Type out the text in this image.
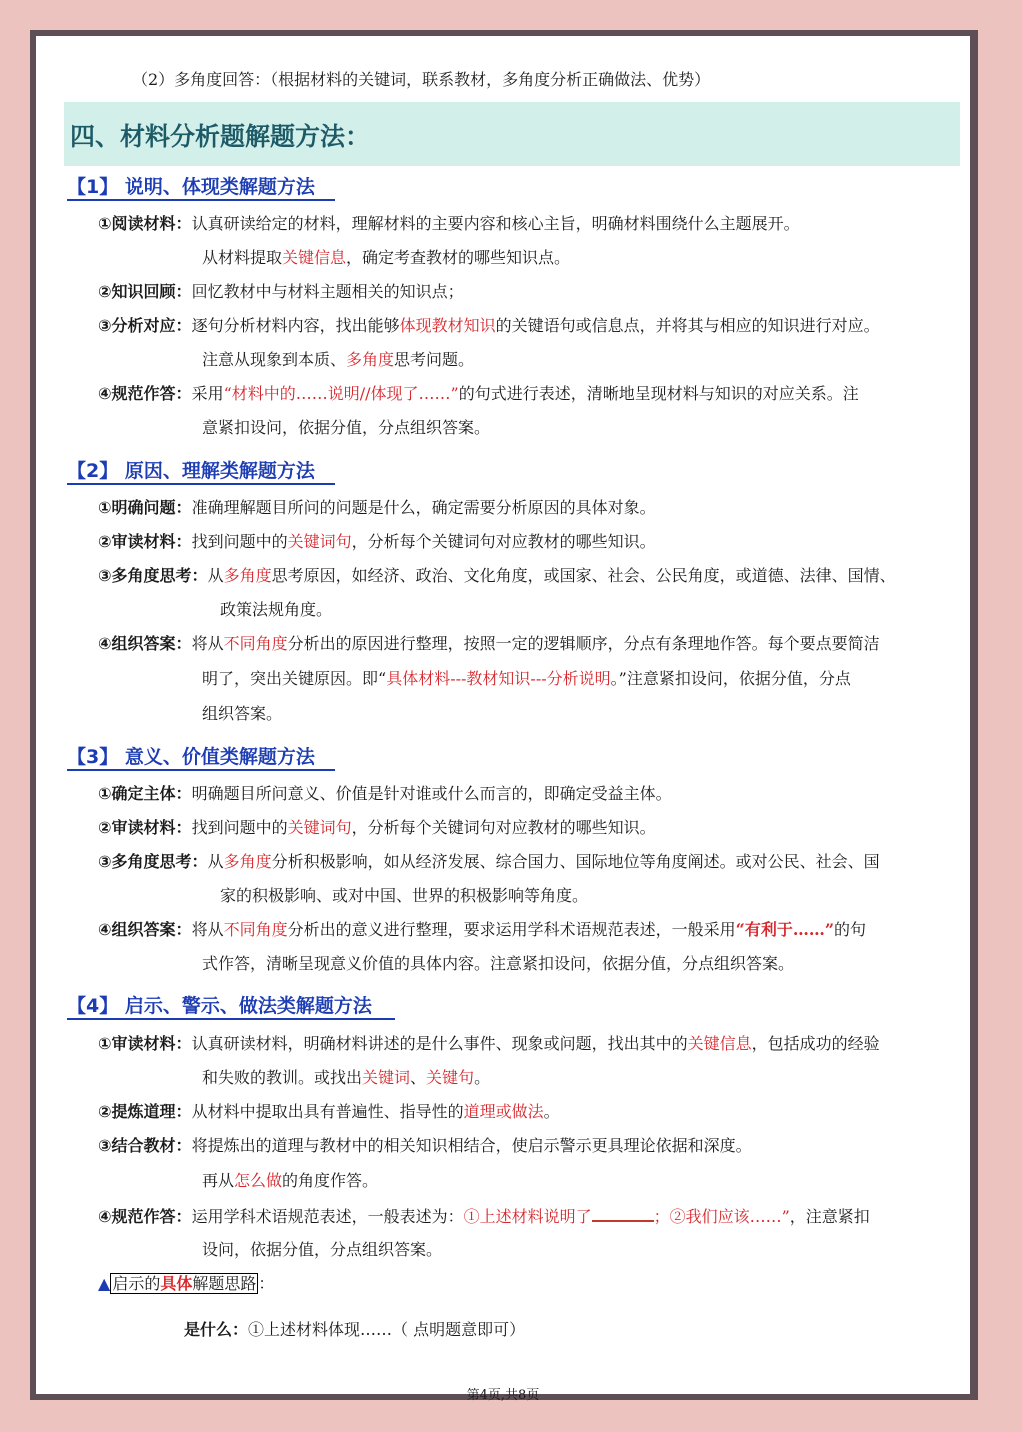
（2）多角度回答：（根据材料的关键词，联系教材，多角度分析正确做法、优势）
四、材料分析题解题方法：
【1】 说明、体现类解题方法
①阅读材料：认真研读给定的材料，理解材料的主要内容和核心主旨，明确材料围绕什么主题展开。
从材料提取关键信息，确定考查教材的哪些知识点。
②知识回顾：回忆教材中与材料主题相关的知识点；
③分析对应：逐句分析材料内容，找出能够体现教材知识的关键语句或信息点，并将其与相应的知识进行对应。
注意从现象到本质、多角度思考问题。
④规范作答：采用“材料中的……说明//体现了……”的句式进行表述，清晰地呈现材料与知识的对应关系。注
意紧扣设问，依据分值，分点组织答案。
【2】 原因、理解类解题方法
①明确问题：准确理解题目所问的问题是什么，确定需要分析原因的具体对象。
②审读材料：找到问题中的关键词句，分析每个关键词句对应教材的哪些知识。
③多角度思考：从多角度思考原因，如经济、政治、文化角度，或国家、社会、公民角度，或道德、法律、国情、
政策法规角度。
④组织答案：将从不同角度分析出的原因进行整理，按照一定的逻辑顺序，分点有条理地作答。每个要点要简洁
明了，突出关键原因。即“具体材料---教材知识---分析说明。”注意紧扣设问，依据分值，分点
组织答案。
【3】 意义、价值类解题方法
①确定主体：明确题目所问意义、价值是针对谁或什么而言的，即确定受益主体。
②审读材料：找到问题中的关键词句，分析每个关键词句对应教材的哪些知识。
③多角度思考：从多角度分析积极影响，如从经济发展、综合国力、国际地位等角度阐述。或对公民、社会、国
家的积极影响、或对中国、世界的积极影响等角度。
④组织答案：将从不同角度分析出的意义进行整理，要求运用学科术语规范表述，一般采用“有利于……”的句
式作答，清晰呈现意义价值的具体内容。注意紧扣设问，依据分值，分点组织答案。
【4】 启示、警示、做法类解题方法
①审读材料：认真研读材料，明确材料讲述的是什么事件、现象或问题，找出其中的关键信息，包括成功的经验
和失败的教训。或找出关键词、关键句。
②提炼道理：从材料中提取出具有普遍性、指导性的道理或做法。
③结合教材：将提炼出的道理与教材中的相关知识相结合，使启示警示更具理论依据和深度。
再从怎么做的角度作答。
④规范作答：运用学科术语规范表述，一般表述为：①上述材料说明了	；②我们应该……”，注意紧扣
设问，依据分值，分点组织答案。
▲ 启示的具体解题思路 ：
是什么：①上述材料体现……（ 点明题意即可）
第4页,共8页
